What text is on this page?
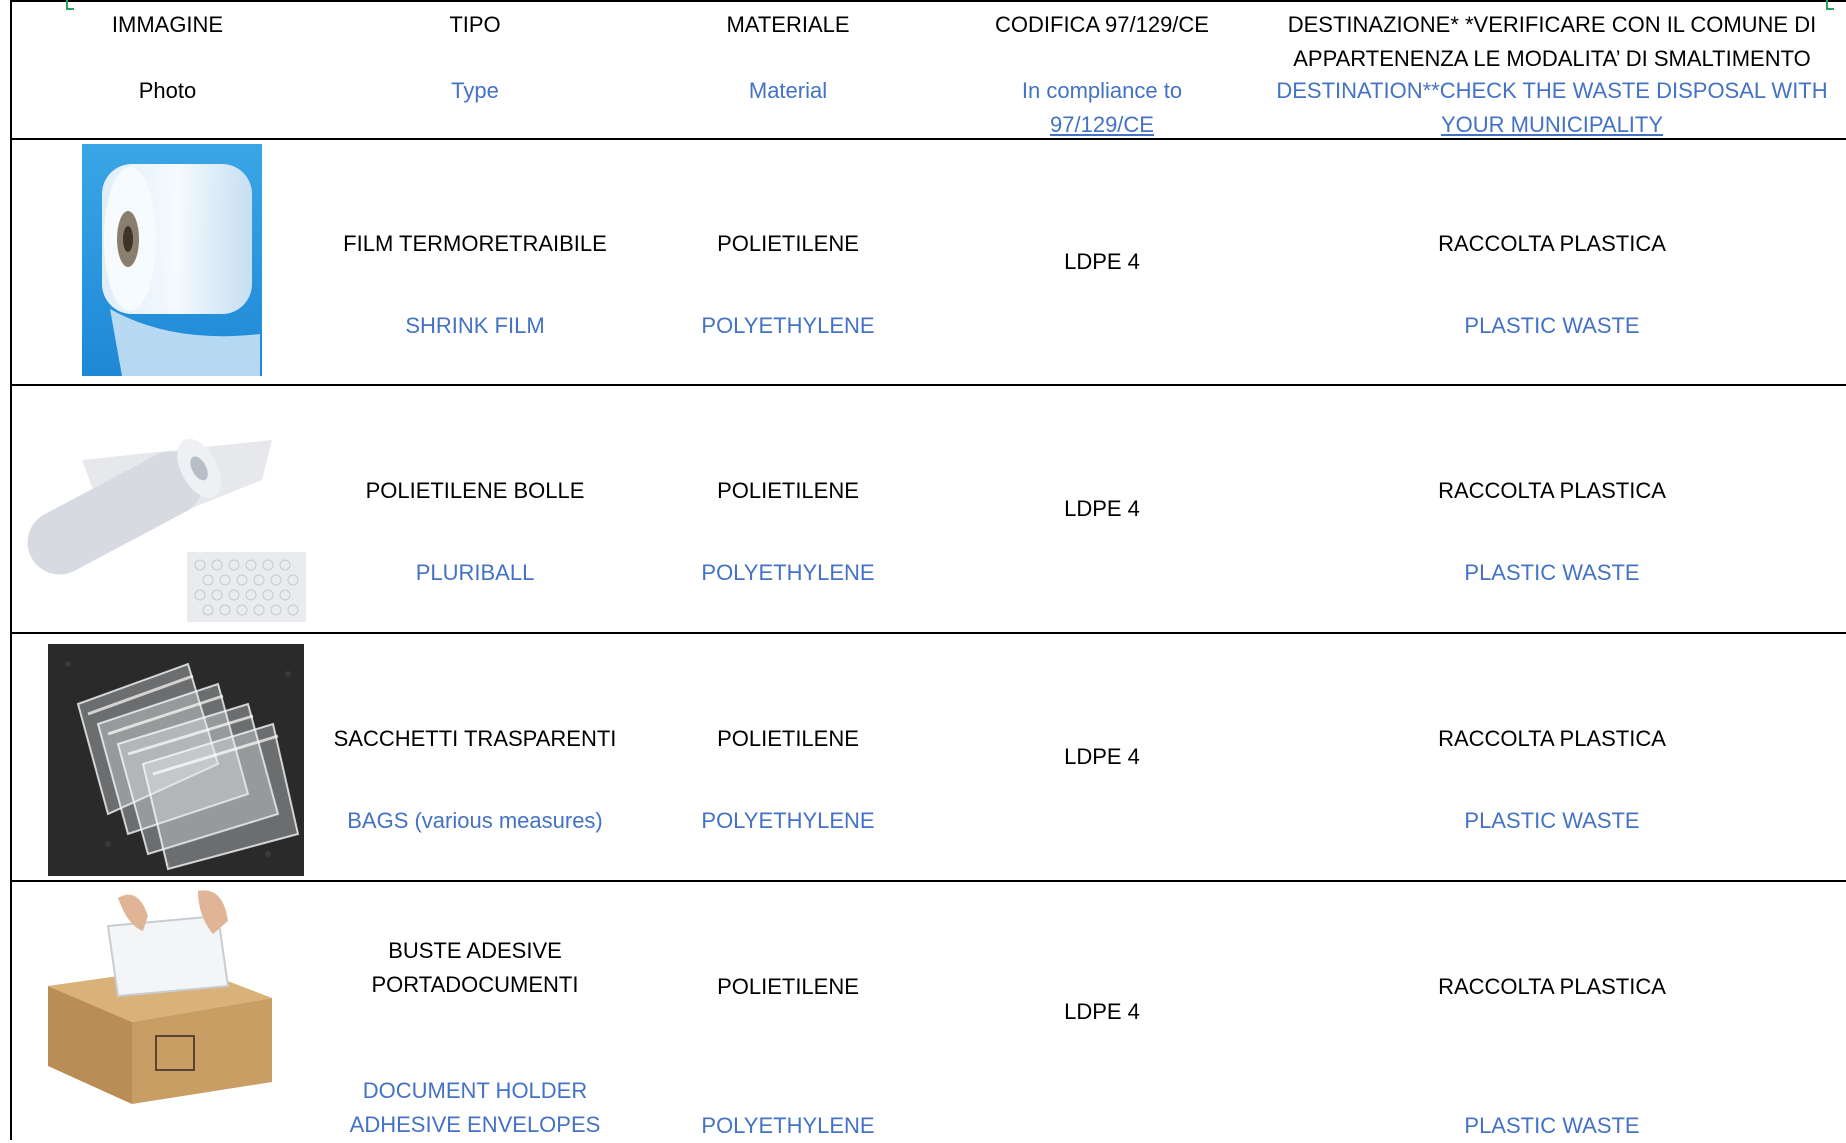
IMMAGINE
Photo
TIPO
Type
MATERIALE
Material
CODIFICA 97/129/CE
In compliance to
97/129/CE
DESTINAZIONE* *VERIFICARE CON IL COMUNE DI
APPARTENENZA LE MODALITA’ DI SMALTIMENTO
DESTINATION**CHECK THE WASTE DISPOSAL WITH
YOUR MUNICIPALITY
FILM TERMORETRAIBILE
SHRINK FILM
POLIETILENE
POLYETHYLENE
LDPE 4
RACCOLTA PLASTICA
PLASTIC WASTE
POLIETILENE BOLLE
PLURIBALL
POLIETILENE
POLYETHYLENE
LDPE 4
RACCOLTA PLASTICA
PLASTIC WASTE
SACCHETTI TRASPARENTI
BAGS (various measures)
POLIETILENE
POLYETHYLENE
LDPE 4
RACCOLTA PLASTICA
PLASTIC WASTE
BUSTE ADESIVE
PORTADOCUMENTI
DOCUMENT HOLDER
ADHESIVE ENVELOPES
POLIETILENE
POLYETHYLENE
LDPE 4
RACCOLTA PLASTICA
PLASTIC WASTE
